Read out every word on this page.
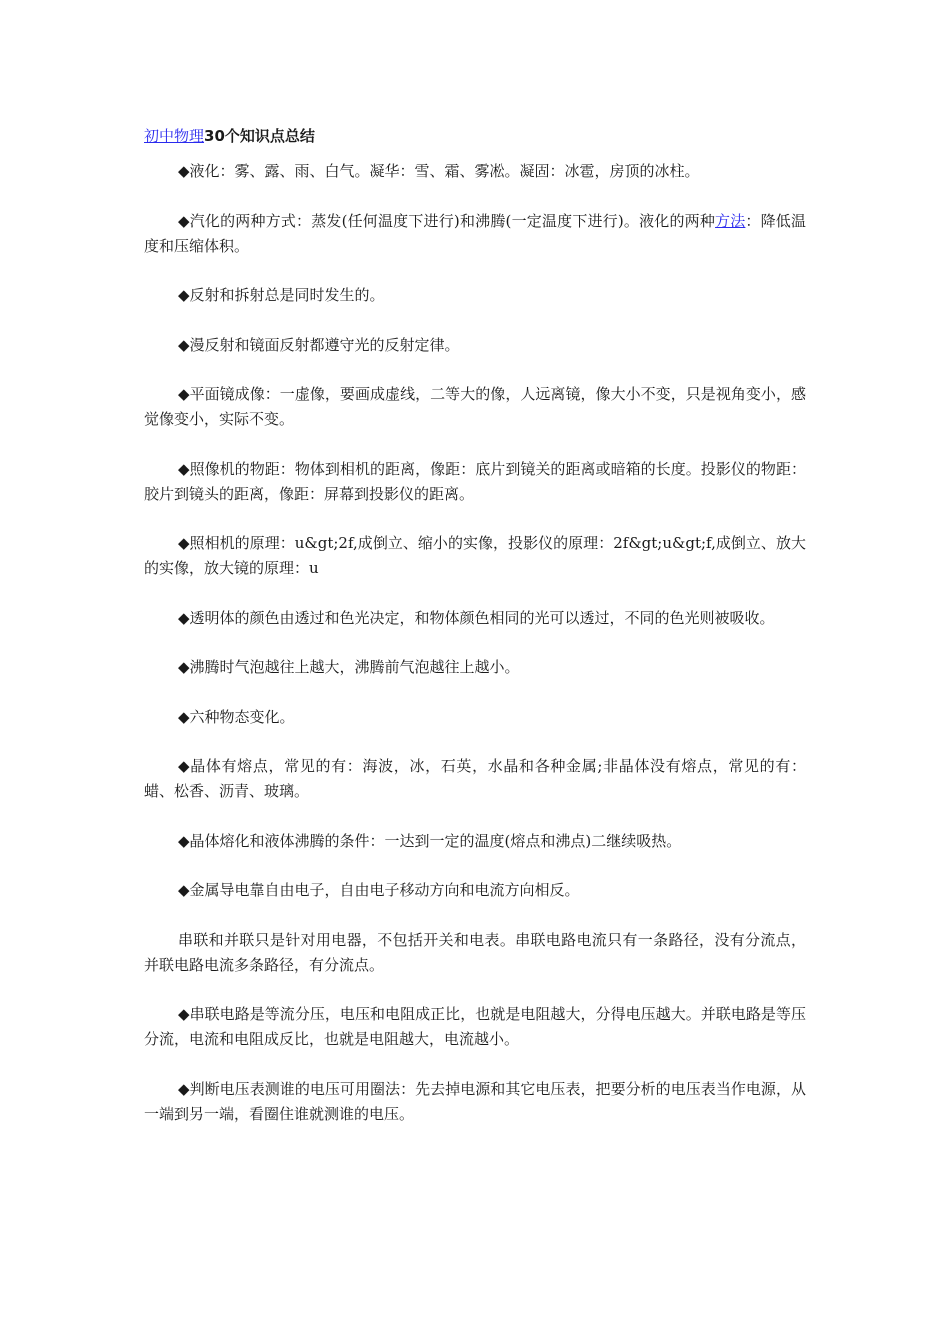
初中物理30个知识点总结

◆液化：雾、露、雨、白气。凝华：雪、霜、雾凇。凝固：冰雹，房顶的冰柱。

◆汽化的两种方式：蒸发(任何温度下进行)和沸腾(一定温度下进行)。液化的两种方法：降低温度和压缩体积。

◆反射和拆射总是同时发生的。

◆漫反射和镜面反射都遵守光的反射定律。

◆平面镜成像：一虚像，要画成虚线，二等大的像，人远离镜，像大小不变，只是视角变小，感觉像变小，实际不变。

◆照像机的物距：物体到相机的距离，像距：底片到镜关的距离或暗箱的长度。投影仪的物距：胶片到镜头的距离，像距：屏幕到投影仪的距离。

◆照相机的原理：u&gt;2f,成倒立、缩小的实像，投影仪的原理：2f&gt;u&gt;f,成倒立、放大的实像，放大镜的原理：u

◆透明体的颜色由透过和色光决定，和物体颜色相同的光可以透过，不同的色光则被吸收。

◆沸腾时气泡越往上越大，沸腾前气泡越往上越小。

◆六种物态变化。

◆晶体有熔点，常见的有：海波，冰，石英，水晶和各种金属;非晶体没有熔点，常见的有：蜡、松香、沥青、玻璃。

◆晶体熔化和液体沸腾的条件：一达到一定的温度(熔点和沸点)二继续吸热。

◆金属导电靠自由电子，自由电子移动方向和电流方向相反。

串联和并联只是针对用电器，不包括开关和电表。串联电路电流只有一条路径，没有分流点，并联电路电流多条路径，有分流点。

◆串联电路是等流分压，电压和电阻成正比，也就是电阻越大，分得电压越大。并联电路是等压分流，电流和电阻成反比，也就是电阻越大，电流越小。

◆判断电压表测谁的电压可用圈法：先去掉电源和其它电压表，把要分析的电压表当作电源，从一端到另一端，看圈住谁就测谁的电压。
